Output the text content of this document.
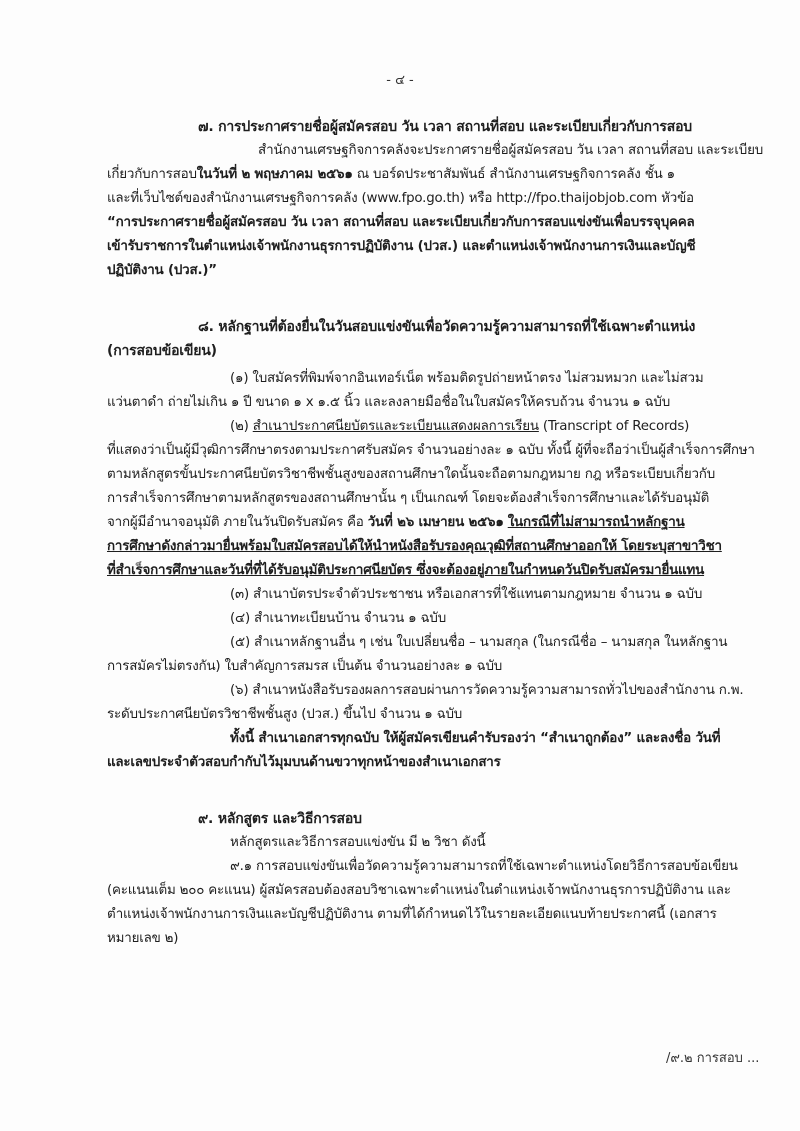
- ๔ -
๗. การประกาศรายชื่อผู้สมัครสอบ วัน เวลา สถานที่สอบ และระเบียบเกี่ยวกับการสอบ
สำนักงานเศรษฐกิจการคลังจะประกาศรายชื่อผู้สมัครสอบ วัน เวลา สถานที่สอบ และระเบียบ
เกี่ยวกับการสอบในวันที่ ๒ พฤษภาคม ๒๕๖๑ ณ บอร์ดประชาสัมพันธ์ สำนักงานเศรษฐกิจการคลัง ชั้น ๑
และที่เว็บไซต์ของสำนักงานเศรษฐกิจการคลัง (www.fpo.go.th) หรือ http://fpo.thaijobjob.com หัวข้อ
“การประกาศรายชื่อผู้สมัครสอบ วัน เวลา สถานที่สอบ และระเบียบเกี่ยวกับการสอบแข่งขันเพื่อบรรจุบุคคล
เข้ารับราชการในตำแหน่งเจ้าพนักงานธุรการปฏิบัติงาน (ปวส.) และตำแหน่งเจ้าพนักงานการเงินและบัญชี
ปฏิบัติงาน (ปวส.)”
๘. หลักฐานที่ต้องยื่นในวันสอบแข่งขันเพื่อวัดความรู้ความสามารถที่ใช้เฉพาะตำแหน่ง
(การสอบข้อเขียน)
(๑) ใบสมัครที่พิมพ์จากอินเทอร์เน็ต พร้อมติดรูปถ่ายหน้าตรง ไม่สวมหมวก และไม่สวม
แว่นตาดำ ถ่ายไม่เกิน ๑ ปี ขนาด ๑ x ๑.๕ นิ้ว และลงลายมือชื่อในใบสมัครให้ครบถ้วน จำนวน ๑ ฉบับ
(๒) สำเนาประกาศนียบัตรและระเบียนแสดงผลการเรียน (Transcript of Records)
ที่แสดงว่าเป็นผู้มีวุฒิการศึกษาตรงตามประกาศรับสมัคร จำนวนอย่างละ ๑ ฉบับ ทั้งนี้ ผู้ที่จะถือว่าเป็นผู้สำเร็จการศึกษา
ตามหลักสูตรขั้นประกาศนียบัตรวิชาชีพชั้นสูงของสถานศึกษาใดนั้นจะถือตามกฎหมาย กฎ หรือระเบียบเกี่ยวกับ
การสำเร็จการศึกษาตามหลักสูตรของสถานศึกษานั้น ๆ เป็นเกณฑ์ โดยจะต้องสำเร็จการศึกษาและได้รับอนุมัติ
จากผู้มีอำนาจอนุมัติ ภายในวันปิดรับสมัคร คือ วันที่ ๒๖ เมษายน ๒๕๖๑ ในกรณีที่ไม่สามารถนำหลักฐาน
การศึกษาดังกล่าวมายื่นพร้อมใบสมัครสอบได้ให้นำหนังสือรับรองคุณวุฒิที่สถานศึกษาออกให้ โดยระบุสาขาวิชา
ที่สำเร็จการศึกษาและวันที่ที่ได้รับอนุมัติประกาศนียบัตร ซึ่งจะต้องอยู่ภายในกำหนดวันปิดรับสมัครมายื่นแทน
(๓) สำเนาบัตรประจำตัวประชาชน หรือเอกสารที่ใช้แทนตามกฎหมาย จำนวน ๑ ฉบับ
(๔) สำเนาทะเบียนบ้าน จำนวน ๑ ฉบับ
(๕) สำเนาหลักฐานอื่น ๆ เช่น ใบเปลี่ยนชื่อ – นามสกุล (ในกรณีชื่อ – นามสกุล ในหลักฐาน
การสมัครไม่ตรงกัน) ใบสำคัญการสมรส เป็นต้น จำนวนอย่างละ ๑ ฉบับ
(๖) สำเนาหนังสือรับรองผลการสอบผ่านการวัดความรู้ความสามารถทั่วไปของสำนักงาน ก.พ.
ระดับประกาศนียบัตรวิชาชีพชั้นสูง (ปวส.) ขึ้นไป จำนวน ๑ ฉบับ
ทั้งนี้ สำเนาเอกสารทุกฉบับ ให้ผู้สมัครเขียนคำรับรองว่า “สำเนาถูกต้อง” และลงชื่อ วันที่
และเลขประจำตัวสอบกำกับไว้มุมบนด้านขวาทุกหน้าของสำเนาเอกสาร
๙. หลักสูตร และวิธีการสอบ
หลักสูตรและวิธีการสอบแข่งขัน มี ๒ วิชา ดังนี้
๙.๑ การสอบแข่งขันเพื่อวัดความรู้ความสามารถที่ใช้เฉพาะตำแหน่งโดยวิธีการสอบข้อเขียน
(คะแนนเต็ม ๒๐๐ คะแนน) ผู้สมัครสอบต้องสอบวิชาเฉพาะตำแหน่งในตำแหน่งเจ้าพนักงานธุรการปฏิบัติงาน และ
ตำแหน่งเจ้าพนักงานการเงินและบัญชีปฏิบัติงาน ตามที่ได้กำหนดไว้ในรายละเอียดแนบท้ายประกาศนี้ (เอกสาร
หมายเลข ๒)
/๙.๒ การสอบ ...
